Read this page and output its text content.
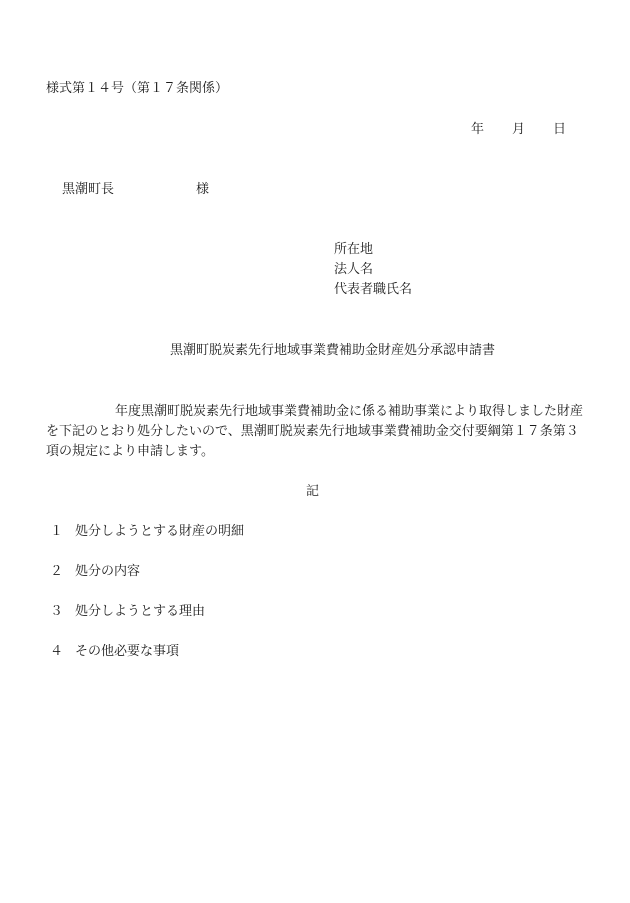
様式第１４号（第１７条関係）
年 月 日
黒潮町長	様
所在地
法人名
代表者職氏名
黒潮町脱炭素先行地域事業費補助金財産処分承認申請書
年度黒潮町脱炭素先行地域事業費補助金に係る補助事業により取得しました財産を下記のとおり処分したいので、黒潮町脱炭素先行地域事業費補助金交付要綱第１７条第３項の規定により申請します。
記
１ 処分しようとする財産の明細
２ 処分の内容
３ 処分しようとする理由
４ その他必要な事項
